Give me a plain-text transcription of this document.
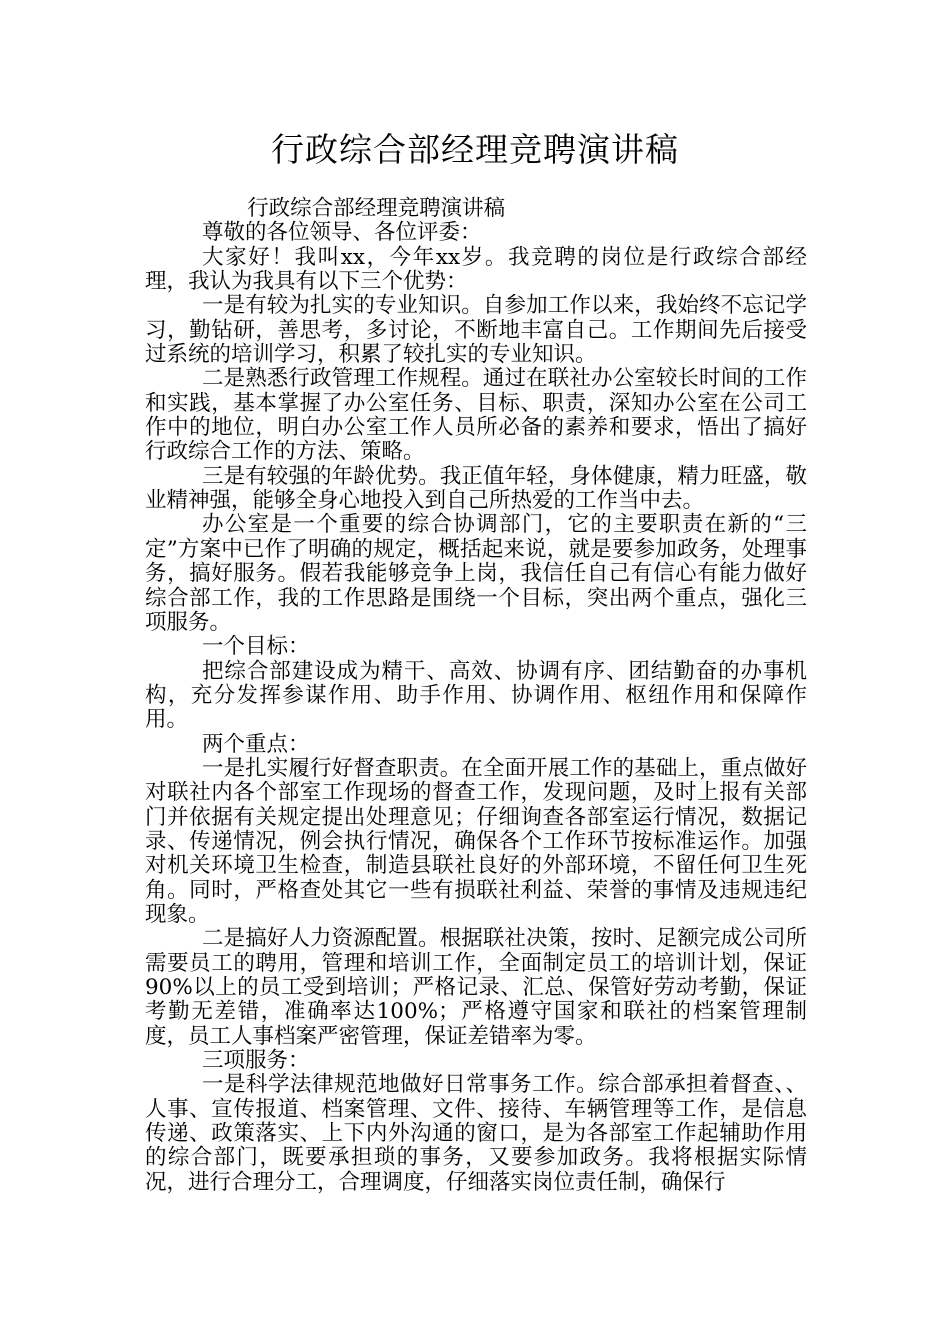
行政综合部经理竞聘演讲稿

行政综合部经理竞聘演讲稿

尊敬的各位领导、各位评委：

大家好！我叫xx，今年xx岁。我竞聘的岗位是行政综合部经理，我认为我具有以下三个优势：

一是有较为扎实的专业知识。自参加工作以来，我始终不忘记学习，勤钻研，善思考，多讨论，不断地丰富自己。工作期间先后接受过系统的培训学习，积累了较扎实的专业知识。

二是熟悉行政管理工作规程。通过在联社办公室较长时间的工作和实践，基本掌握了办公室任务、目标、职责，深知办公室在公司工作中的地位，明白办公室工作人员所必备的素养和要求，悟出了搞好行政综合工作的方法、策略。

三是有较强的年龄优势。我正值年轻，身体健康，精力旺盛，敬业精神强，能够全身心地投入到自己所热爱的工作当中去。

办公室是一个重要的综合协调部门，它的主要职责在新的“三定”方案中已作了明确的规定，概括起来说，就是要参加政务，处理事务，搞好服务。假若我能够竞争上岗，我信任自己有信心有能力做好综合部工作，我的工作思路是围绕一个目标，突出两个重点，强化三项服务。

一个目标：

把综合部建设成为精干、高效、协调有序、团结勤奋的办事机构，充分发挥参谋作用、助手作用、协调作用、枢纽作用和保障作用。

两个重点：

一是扎实履行好督查职责。在全面开展工作的基础上，重点做好对联社内各个部室工作现场的督查工作，发现问题，及时上报有关部门并依据有关规定提出处理意见；仔细询查各部室运行情况，数据记录、传递情况，例会执行情况，确保各个工作环节按标准运作。加强对机关环境卫生检查，制造县联社良好的外部环境，不留任何卫生死角。同时，严格查处其它一些有损联社利益、荣誉的事情及违规违纪现象。

二是搞好人力资源配置。根据联社决策，按时、足额完成公司所需要员工的聘用，管理和培训工作，全面制定员工的培训计划，保证90%以上的员工受到培训；严格记录、汇总、保管好劳动考勤，保证考勤无差错，准确率达100%；严格遵守国家和联社的档案管理制度，员工人事档案严密管理，保证差错率为零。

三项服务：

一是科学法律规范地做好日常事务工作。综合部承担着督查、、人事、宣传报道、档案管理、文件、接待、车辆管理等工作，是信息传递、政策落实、上下内外沟通的窗口，是为各部室工作起辅助作用的综合部门，既要承担琐的事务，又要参加政务。我将根据实际情况，进行合理分工，合理调度，仔细落实岗位责任制，确保行
